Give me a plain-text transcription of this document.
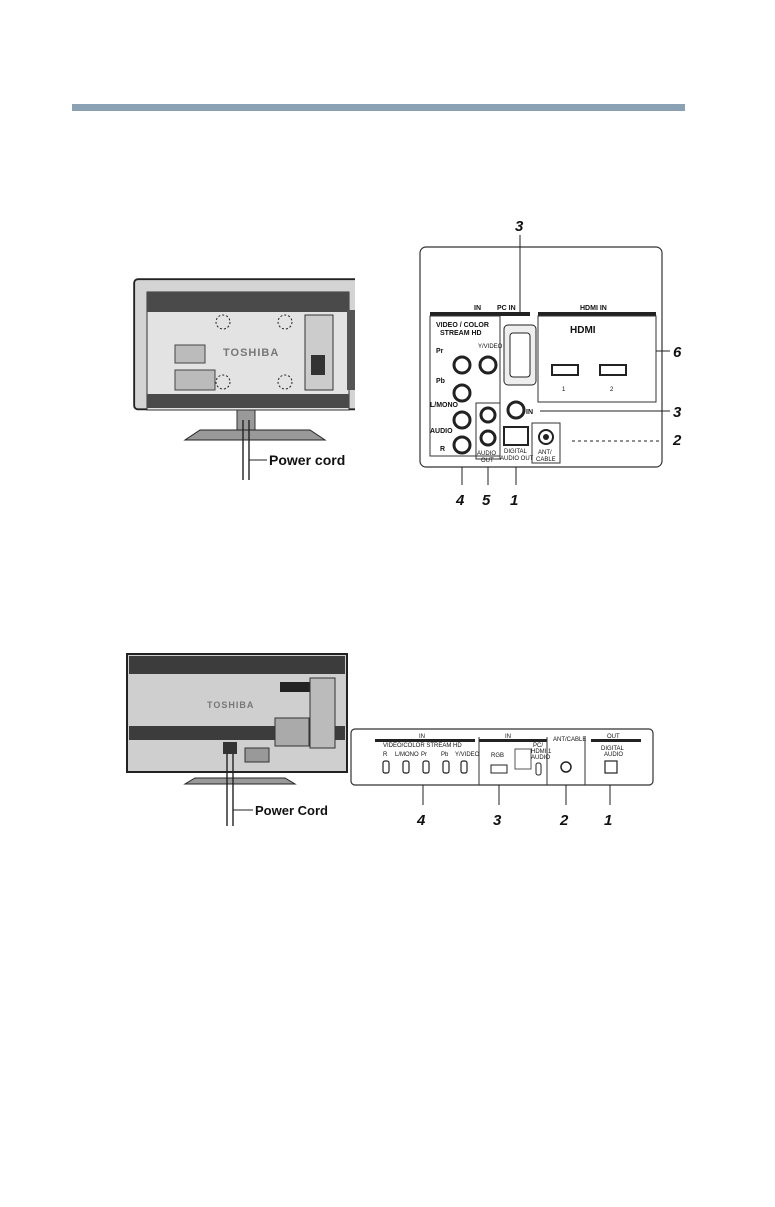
TOSHIBA
Power cord
3
IN PC IN	HDMI IN
VIDEO / COLOR
STREAM HD
Pr
Y/VIDEO
Pb
L/MONO
AUDIO
R
HDMI
1	2
6
IN	3
AUDIO
OUT
DIGITAL
AUDIO OUT
ANT/
CABLE
2
4 5 1
TOSHIBA
Power Cord
IN
VIDEO/COLOR STREAM HD
IN	ANT/CABLE	OUT
R L/MONO Pr Pb Y/VIDEO RGB
PC/
HDMI 1
AUDIO
DIGITAL
AUDIO
4	3	2 1
